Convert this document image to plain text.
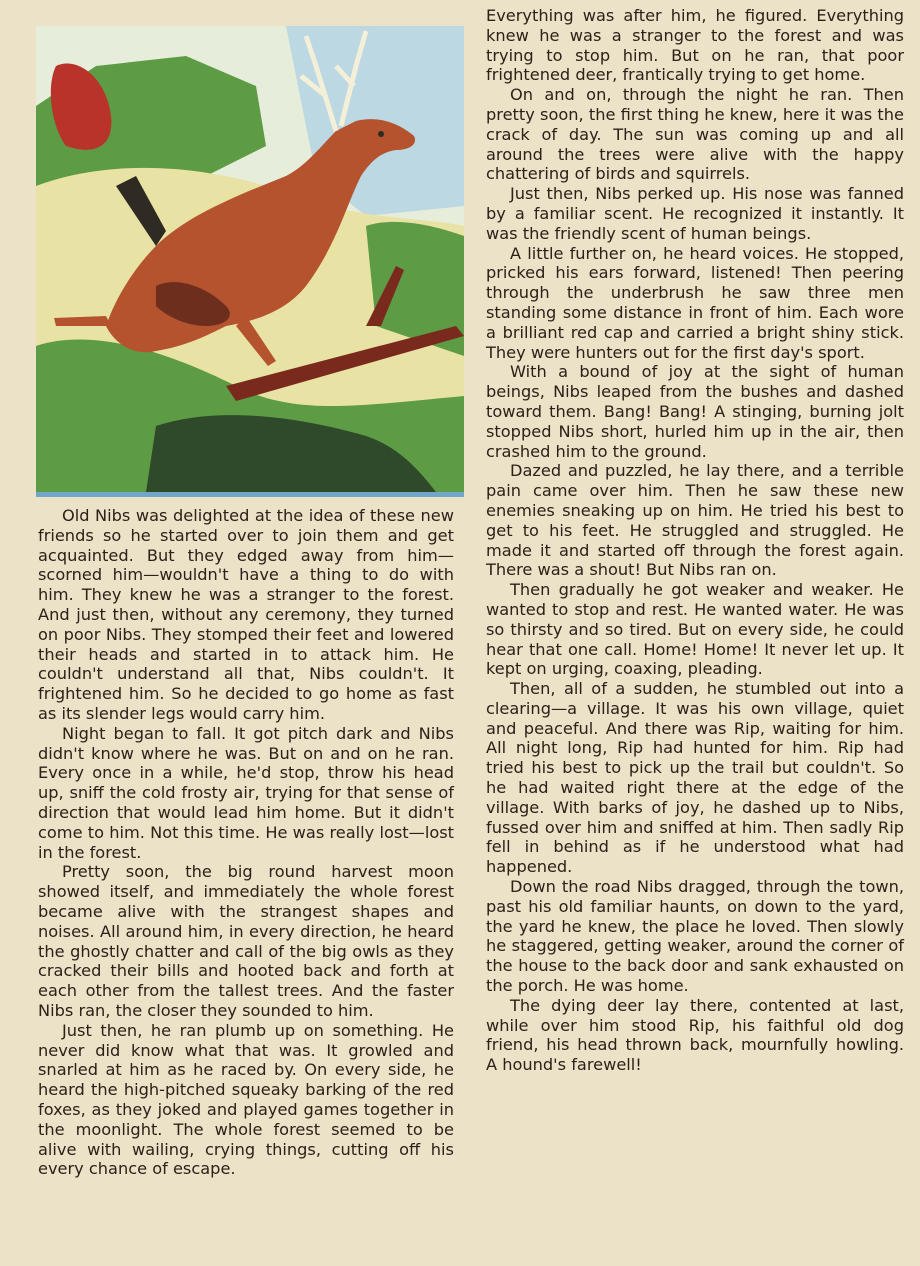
Old Nibs was delighted at the idea of these new friends so he started over to join them and get acquainted. But they edged away from him—scorned him—wouldn't have a thing to do with him. They knew he was a stranger to the forest. And just then, without any ceremony, they turned on poor Nibs. They stomped their feet and lowered their heads and started in to attack him. He couldn't understand all that, Nibs couldn't. It frightened him. So he decided to go home as fast as its slender legs would carry him.

Night began to fall. It got pitch dark and Nibs didn't know where he was. But on and on he ran. Every once in a while, he'd stop, throw his head up, sniff the cold frosty air, trying for that sense of direction that would lead him home. But it didn't come to him. Not this time. He was really lost—lost in the forest.

Pretty soon, the big round harvest moon showed itself, and immediately the whole forest became alive with the strangest shapes and noises. All around him, in every direction, he heard the ghostly chatter and call of the big owls as they cracked their bills and hooted back and forth at each other from the tallest trees. And the faster Nibs ran, the closer they sounded to him.

Just then, he ran plumb up on something. He never did know what that was. It growled and snarled at him as he raced by. On every side, he heard the high-pitched squeaky barking of the red foxes, as they joked and played games together in the moonlight. The whole forest seemed to be alive with wailing, crying things, cutting off his every chance of escape.

Everything was after him, he figured. Everything knew he was a stranger to the forest and was trying to stop him. But on he ran, that poor frightened deer, frantically trying to get home.

On and on, through the night he ran. Then pretty soon, the first thing he knew, here it was the crack of day. The sun was coming up and all around the trees were alive with the happy chattering of birds and squirrels.

Just then, Nibs perked up. His nose was fanned by a familiar scent. He recognized it instantly. It was the friendly scent of human beings.

A little further on, he heard voices. He stopped, pricked his ears forward, listened! Then peering through the underbrush he saw three men standing some distance in front of him. Each wore a brilliant red cap and carried a bright shiny stick. They were hunters out for the first day's sport.

With a bound of joy at the sight of human beings, Nibs leaped from the bushes and dashed toward them. Bang! Bang! A stinging, burning jolt stopped Nibs short, hurled him up in the air, then crashed him to the ground.

Dazed and puzzled, he lay there, and a terrible pain came over him. Then he saw these new enemies sneaking up on him. He tried his best to get to his feet. He struggled and struggled. He made it and started off through the forest again. There was a shout! But Nibs ran on.

Then gradually he got weaker and weaker. He wanted to stop and rest. He wanted water. He was so thirsty and so tired. But on every side, he could hear that one call. Home! Home! It never let up. It kept on urging, coaxing, pleading.

Then, all of a sudden, he stumbled out into a clearing—a village. It was his own village, quiet and peaceful. And there was Rip, waiting for him. All night long, Rip had hunted for him. Rip had tried his best to pick up the trail but couldn't. So he had waited right there at the edge of the village. With barks of joy, he dashed up to Nibs, fussed over him and sniffed at him. Then sadly Rip fell in behind as if he understood what had happened.

Down the road Nibs dragged, through the town, past his old familiar haunts, on down to the yard, the yard he knew, the place he loved. Then slowly he staggered, getting weaker, around the corner of the house to the back door and sank exhausted on the porch. He was home.

The dying deer lay there, contented at last, while over him stood Rip, his faithful old dog friend, his head thrown back, mournfully howling. A hound's farewell!
